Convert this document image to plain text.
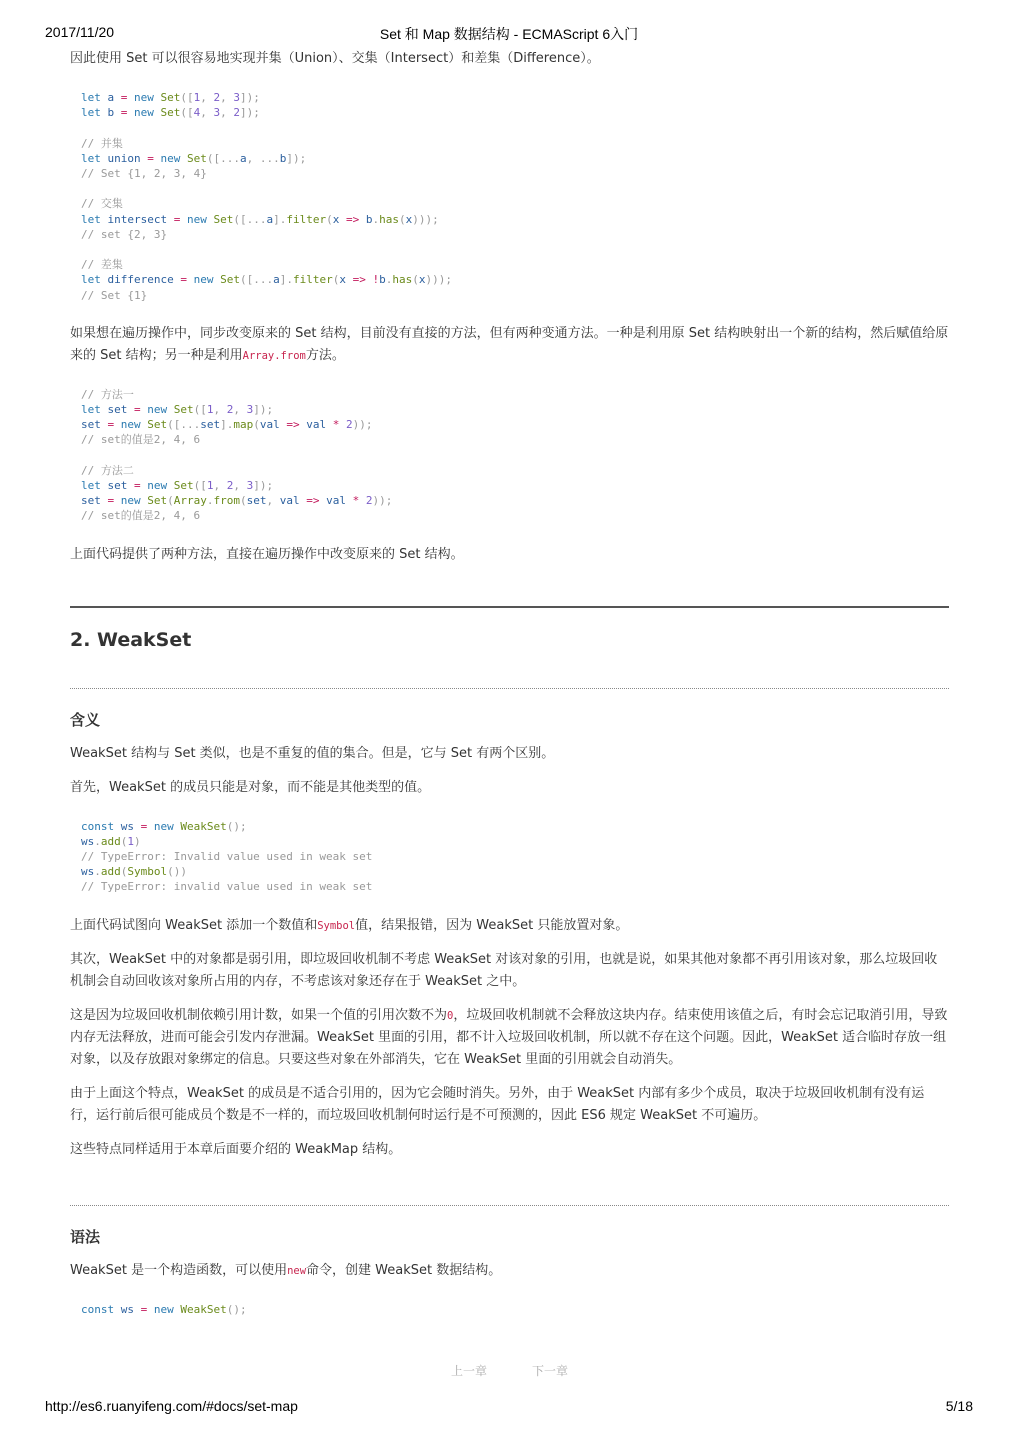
2017/11/20	Set 和 Map 数据结构 - ECMAScript 6入门

因此使用 Set 可以很容易地实现并集（Union）、交集（Intersect）和差集（Difference）。

let a = new Set([1, 2, 3]);
let b = new Set([4, 3, 2]);

// 并集
let union = new Set([...a, ...b]);
// Set {1, 2, 3, 4}

// 交集
let intersect = new Set([...a].filter(x => b.has(x)));
// set {2, 3}

// 差集
let difference = new Set([...a].filter(x => !b.has(x)));
// Set {1}

如果想在遍历操作中，同步改变原来的 Set 结构，目前没有直接的方法，但有两种变通方法。一种是利用原 Set 结构映射出一个新的结构，然后赋值给原来的 Set 结构；另一种是利用Array.from方法。

// 方法一
let set = new Set([1, 2, 3]);
set = new Set([...set].map(val => val * 2));
// set的值是2, 4, 6

// 方法二
let set = new Set([1, 2, 3]);
set = new Set(Array.from(set, val => val * 2));
// set的值是2, 4, 6

上面代码提供了两种方法，直接在遍历操作中改变原来的 Set 结构。

2. WeakSet
含义

WeakSet 结构与 Set 类似，也是不重复的值的集合。但是，它与 Set 有两个区别。

首先，WeakSet 的成员只能是对象，而不能是其他类型的值。

const ws = new WeakSet();
ws.add(1)
// TypeError: Invalid value used in weak set
ws.add(Symbol())
// TypeError: invalid value used in weak set

上面代码试图向 WeakSet 添加一个数值和Symbol值，结果报错，因为 WeakSet 只能放置对象。

其次，WeakSet 中的对象都是弱引用，即垃圾回收机制不考虑 WeakSet 对该对象的引用，也就是说，如果其他对象都不再引用该对象，那么垃圾回收机制会自动回收该对象所占用的内存，不考虑该对象还存在于 WeakSet 之中。

这是因为垃圾回收机制依赖引用计数，如果一个值的引用次数不为0，垃圾回收机制就不会释放这块内存。结束使用该值之后，有时会忘记取消引用，导致内存无法释放，进而可能会引发内存泄漏。WeakSet 里面的引用，都不计入垃圾回收机制，所以就不存在这个问题。因此，WeakSet 适合临时存放一组对象，以及存放跟对象绑定的信息。只要这些对象在外部消失，它在 WeakSet 里面的引用就会自动消失。

由于上面这个特点，WeakSet 的成员是不适合引用的，因为它会随时消失。另外，由于 WeakSet 内部有多少个成员，取决于垃圾回收机制有没有运行，运行前后很可能成员个数是不一样的，而垃圾回收机制何时运行是不可预测的，因此 ES6 规定 WeakSet 不可遍历。

这些特点同样适用于本章后面要介绍的 WeakMap 结构。

语法

WeakSet 是一个构造函数，可以使用new命令，创建 WeakSet 数据结构。

const ws = new WeakSet();
上一章	下一章
http://es6.ruanyifeng.com/#docs/set-map	5/18
